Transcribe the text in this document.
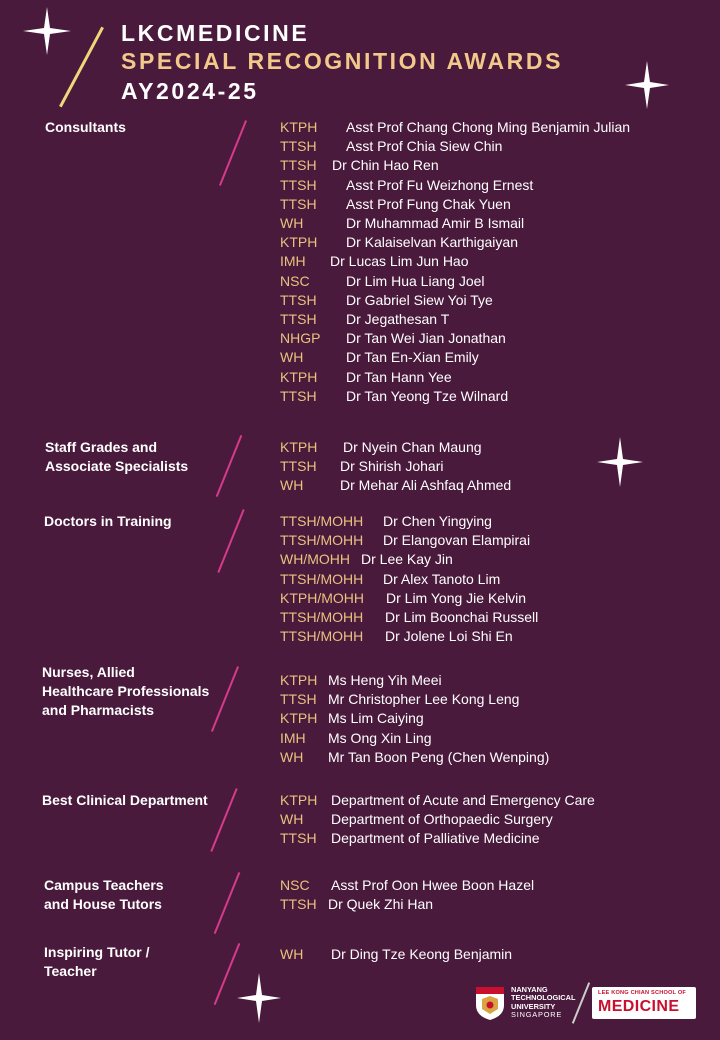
LKCMEDICINE
SPECIAL RECOGNITION AWARDS
AY2024-25
Consultants	KTPH Asst Prof Chang Chong Ming Benjamin Julian
TTSH Asst Prof Chia Siew Chin
TTSH Dr Chin Hao Ren
TTSH Asst Prof Fu Weizhong Ernest
TTSH Asst Prof Fung Chak Yuen
WH	Dr Muhammad Amir B Ismail
KTPH Dr Kalaiselvan Karthigaiyan
IMH Dr Lucas Lim Jun Hao
NSC	Dr Lim Hua Liang Joel
TTSH Dr Gabriel Siew Yoi Tye
TTSH Dr Jegathesan T
NHGP Dr Tan Wei Jian Jonathan
WH	Dr Tan En-Xian Emily
KTPH Dr Tan Hann Yee
TTSH Dr Tan Yeong Tze Wilnard
Staff Grades and
Associate Specialists
KTPH Dr Nyein Chan Maung
TTSH Dr Shirish Johari
WH	Dr Mehar Ali Ashfaq Ahmed
Doctors in Training	TTSH/MOHH Dr Chen Yingying
TTSH/MOHH Dr Elangovan Elampirai
WH/MOHH Dr Lee Kay Jin
TTSH/MOHH Dr Alex Tanoto Lim
KTPH/MOHH Dr Lim Yong Jie Kelvin
TTSH/MOHH Dr Lim Boonchai Russell
TTSH/MOHH Dr Jolene Loi Shi En
Nurses, Allied
Healthcare Professionals
and Pharmacists
KTPH Ms Heng Yih Meei
TTSH Mr Christopher Lee Kong Leng
KTPH Ms Lim Caiying
IMH Ms Ong Xin Ling
WH Mr Tan Boon Peng (Chen Wenping)
Best Clinical Department	KTPH Department of Acute and Emergency Care
WH Department of Orthopaedic Surgery
TTSH Department of Palliative Medicine
Campus Teachers
and House Tutors
NSC Asst Prof Oon Hwee Boon Hazel
TTSH Dr Quek Zhi Han
Inspiring Tutor /
Teacher
WH Dr Ding Tze Keong Benjamin
NANYANG
TECHNOLOGICAL
UNIVERSITY
SINGAPORE
LEE KONG CHIAN SCHOOL OF
MEDICINE
